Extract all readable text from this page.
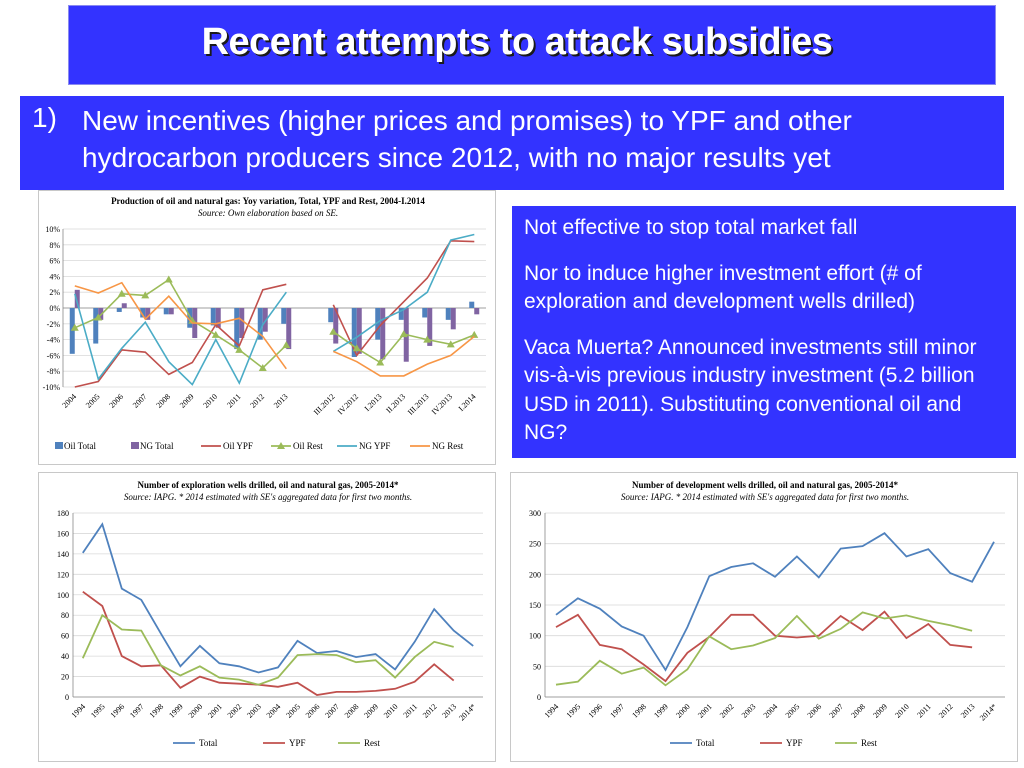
Recent attempts to attack subsidies
1) New incentives (higher prices and promises) to YPF and other hydrocarbon producers since 2012, with no major results yet

Not effective to stop total market fall

Nor to induce higher investment effort (# of exploration and development wells drilled)

Vaca Muerta? Announced investments still minor vis-à-vis previous industry investment (5.2 billion USD in 2011). Substituting conventional oil and NG?

Production of oil and natural gas: Yoy variation, Total, YPF and Rest, 2004-I.2014
Source: Own elaboration based on SE.
10%
8%
6%
4%
2%
0%
-2%
-4%
-6%
-8%
-10%
2004 2005 2006 2007 2008 2009 2010 2011 2012 2013	III.2012 IV.2012 I.2013 II.2013
III.2013 IV.2013 I.2014
Oil Total	NG Total	Oil YPF	Oil Rest	NG YPF	NG Rest
Number of exploration wells drilled, oil and natural gas, 2005-2014*
Source: IAPG. * 2014 estimated with SE's aggregated data for first two months.
0
20
40
60
80
100
120
140
160
180
1994 1995 1996 1997 1998 1999 2000 2001 2002 2003 2004 2005 2006 2007 2008 2009 2010 2011 2012 2013 2014*
Total	YPF	Rest
Number of development wells drilled, oil and natural gas, 2005-2014*
Source: IAPG. * 2014 estimated with SE's aggregated data for first two months.
0
50
100
150
200
250
300
1994 1995 1996 1997 1998 1999 2000 2001 2002 2003 2004 2005 2006 2007 2008 2009 2010 2011 2012 2013 2014*
Total	YPF	Rest
